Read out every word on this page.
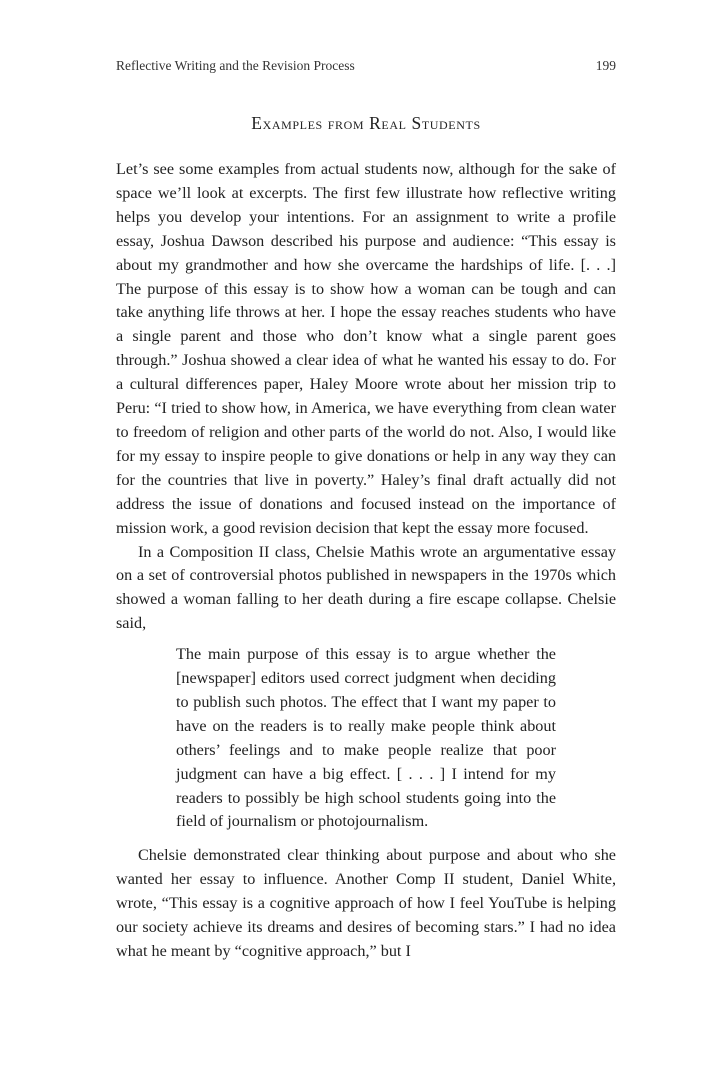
Reflective Writing and the Revision Process	199
Examples from Real Students

Let’s see some examples from actual students now, although for the sake of space we’ll look at excerpts. The first few illustrate how reflective writing helps you develop your intentions. For an assignment to write a profile essay, Joshua Dawson described his purpose and audience: “This essay is about my grandmother and how she overcame the hardships of life. [. . .] The purpose of this essay is to show how a woman can be tough and can take anything life throws at her. I hope the essay reaches students who have a single parent and those who don’t know what a single parent goes through.” Joshua showed a clear idea of what he wanted his essay to do. For a cultural differences paper, Haley Moore wrote about her mission trip to Peru: “I tried to show how, in America, we have everything from clean water to freedom of religion and other parts of the world do not. Also, I would like for my essay to inspire people to give donations or help in any way they can for the countries that live in poverty.” Haley’s final draft actually did not address the issue of donations and focused instead on the importance of mission work, a good revision decision that kept the essay more focused.

In a Composition II class, Chelsie Mathis wrote an argumentative essay on a set of controversial photos published in newspapers in the 1970s which showed a woman falling to her death during a fire escape collapse. Chelsie said,

The main purpose of this essay is to argue whether the [newspaper] editors used correct judgment when deciding to publish such photos. The effect that I want my paper to have on the readers is to really make people think about others’ feelings and to make people realize that poor judgment can have a big effect. [ . . . ] I intend for my readers to possibly be high school students going into the field of journalism or photojournalism.

Chelsie demonstrated clear thinking about purpose and about who she wanted her essay to influence. Another Comp II student, Daniel White, wrote, “This essay is a cognitive approach of how I feel YouTube is helping our society achieve its dreams and desires of becoming stars.” I had no idea what he meant by “cognitive approach,” but I
